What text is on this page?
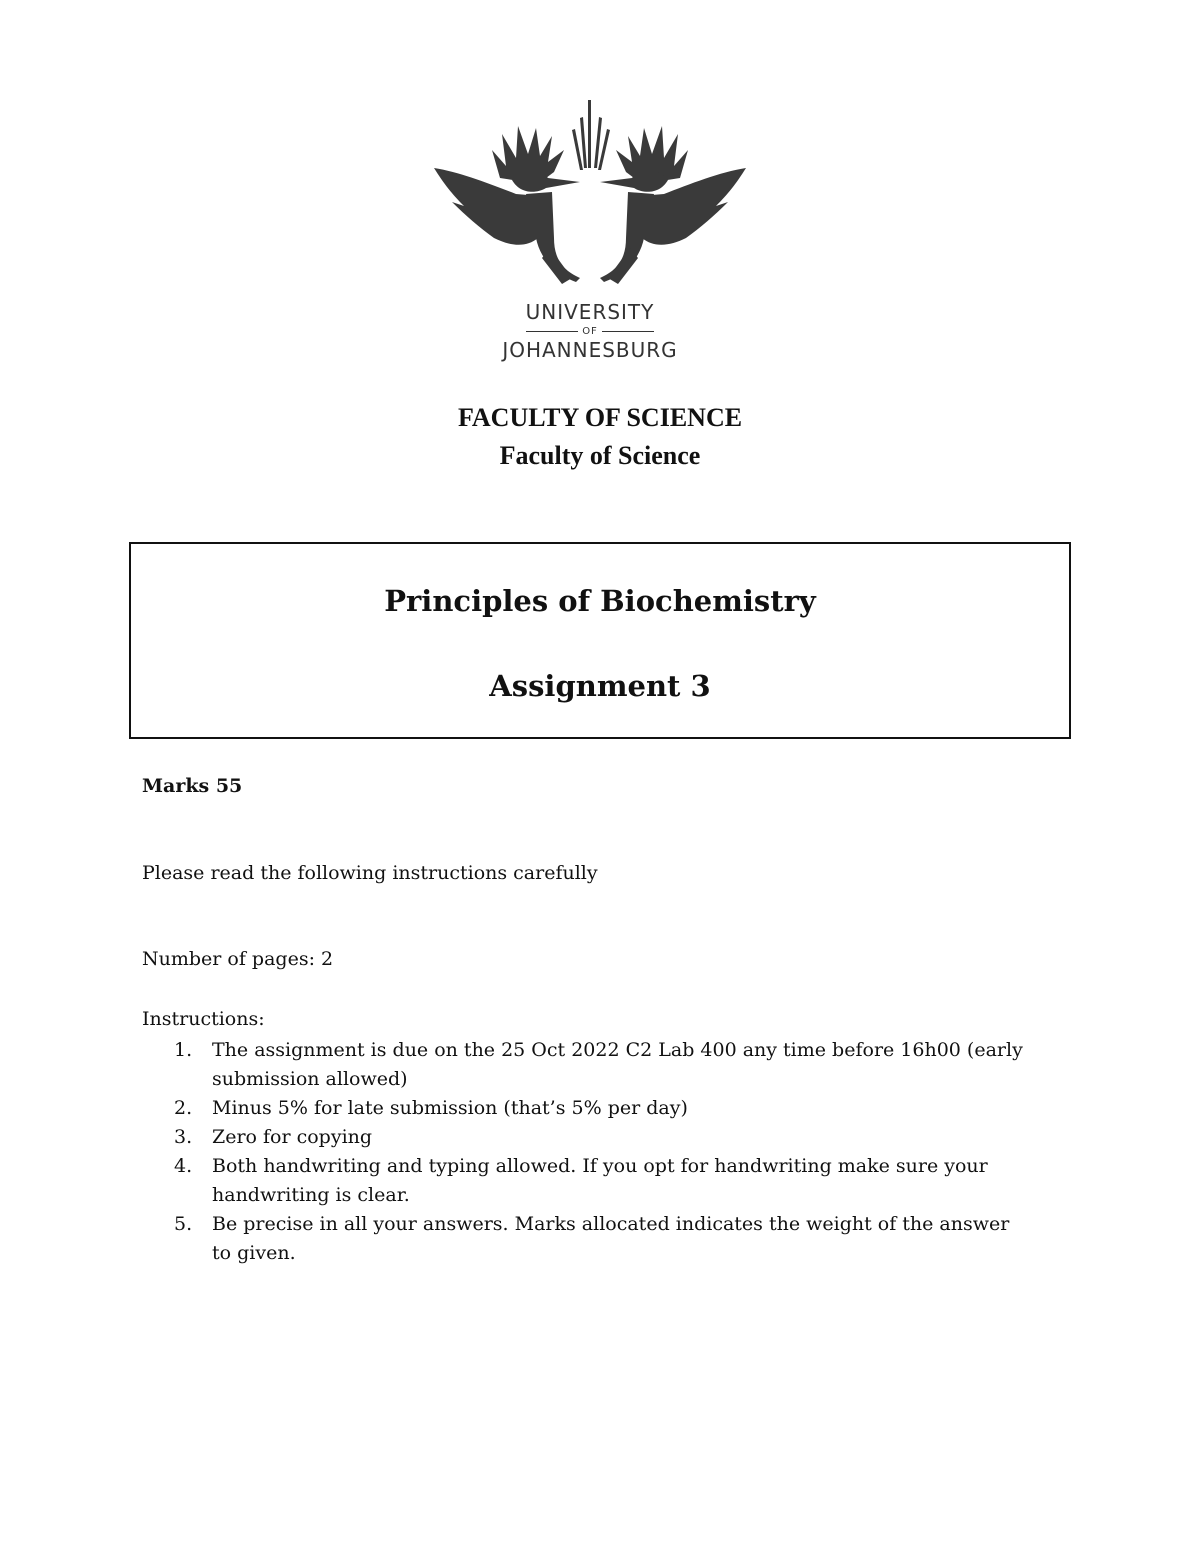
UNIVERSITY
OF
JOHANNESBURG
FACULTY OF SCIENCE
Faculty of Science
Principles of Biochemistry
Assignment 3
Marks 55
Please read the following instructions carefully
Number of pages: 2
Instructions:
1. The assignment is due on the 25 Oct 2022 C2 Lab 400 any time before 16h00 (early submission allowed)
2. Minus 5% for late submission (that’s 5% per day)
3. Zero for copying
4. Both handwriting and typing allowed. If you opt for handwriting make sure your handwriting is clear.
5. Be precise in all your answers. Marks allocated indicates the weight of the answer to given.
